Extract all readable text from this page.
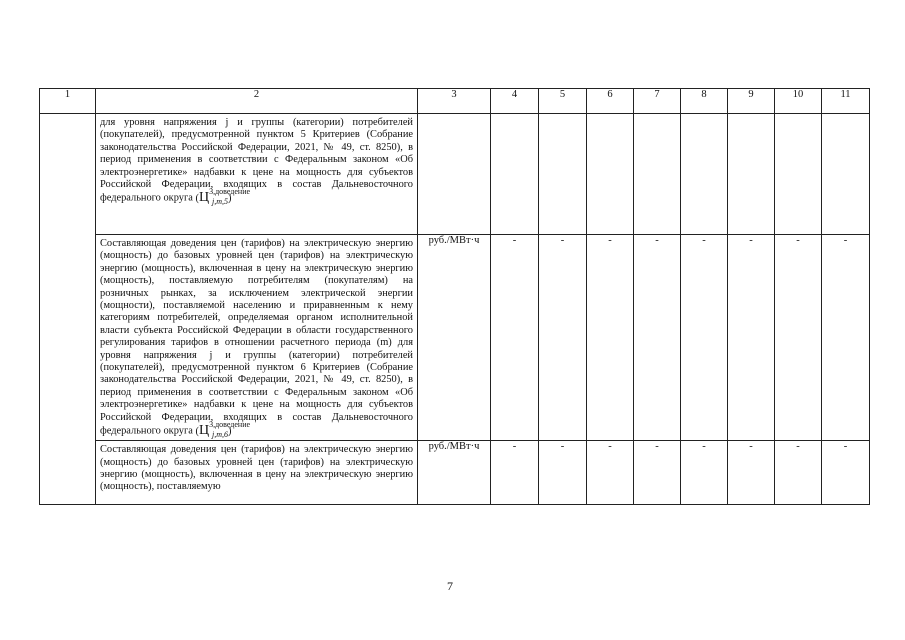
1	2	3	4	5	6	7	8	9	10	11

	для уровня напряжения j и группы (категории) потребителей (покупателей), предусмотренной пунктом 5 Критериев (Собрание законодательства Российской Федерации, 2021, № 49, ст. 8250), в период применения в соответствии с Федеральным законом «Об электроэнергетике» надбавки к цене на мощность для субъектов Российской Федерации, входящих в состав Дальневосточного федерального округа $(Ц^{3,доведение}_{j,m,5})$									

	Составляющая доведения цен (тарифов) на электрическую энергию (мощность) до базовых уровней цен (тарифов) на электрическую энергию (мощность), включенная в цену на электрическую энергию (мощность), поставляемую потребителям (покупателям) на розничных рынках, за исключением электрической энергии (мощности), поставляемой населению и приравненным к нему категориям потребителей, определяемая органом исполнительной власти субъекта Российской Федерации в области государственного регулирования тарифов в отношении расчетного периода (m) для уровня напряжения j и группы (категории) потребителей (покупателей), предусмотренной пунктом 6 Критериев (Собрание законодательства Российской Федерации, 2021, № 49, ст. 8250), в период применения в соответствии с Федеральным законом «Об электроэнергетике» надбавки к цене на мощность для субъектов Российской Федерации, входящих в состав Дальневосточного федерального округа $(Ц^{3,доведение}_{j,m,6})$	руб./МВт·ч	-	-	-	-	-	-	-	-

	Составляющая доведения цен (тарифов) на электрическую энергию (мощность) до базовых уровней цен (тарифов) на электрическую энергию (мощность), включенная в цену на электрическую энергию (мощность), поставляемую	руб./МВт·ч	-	-	-	-	-	-	-	-
7
